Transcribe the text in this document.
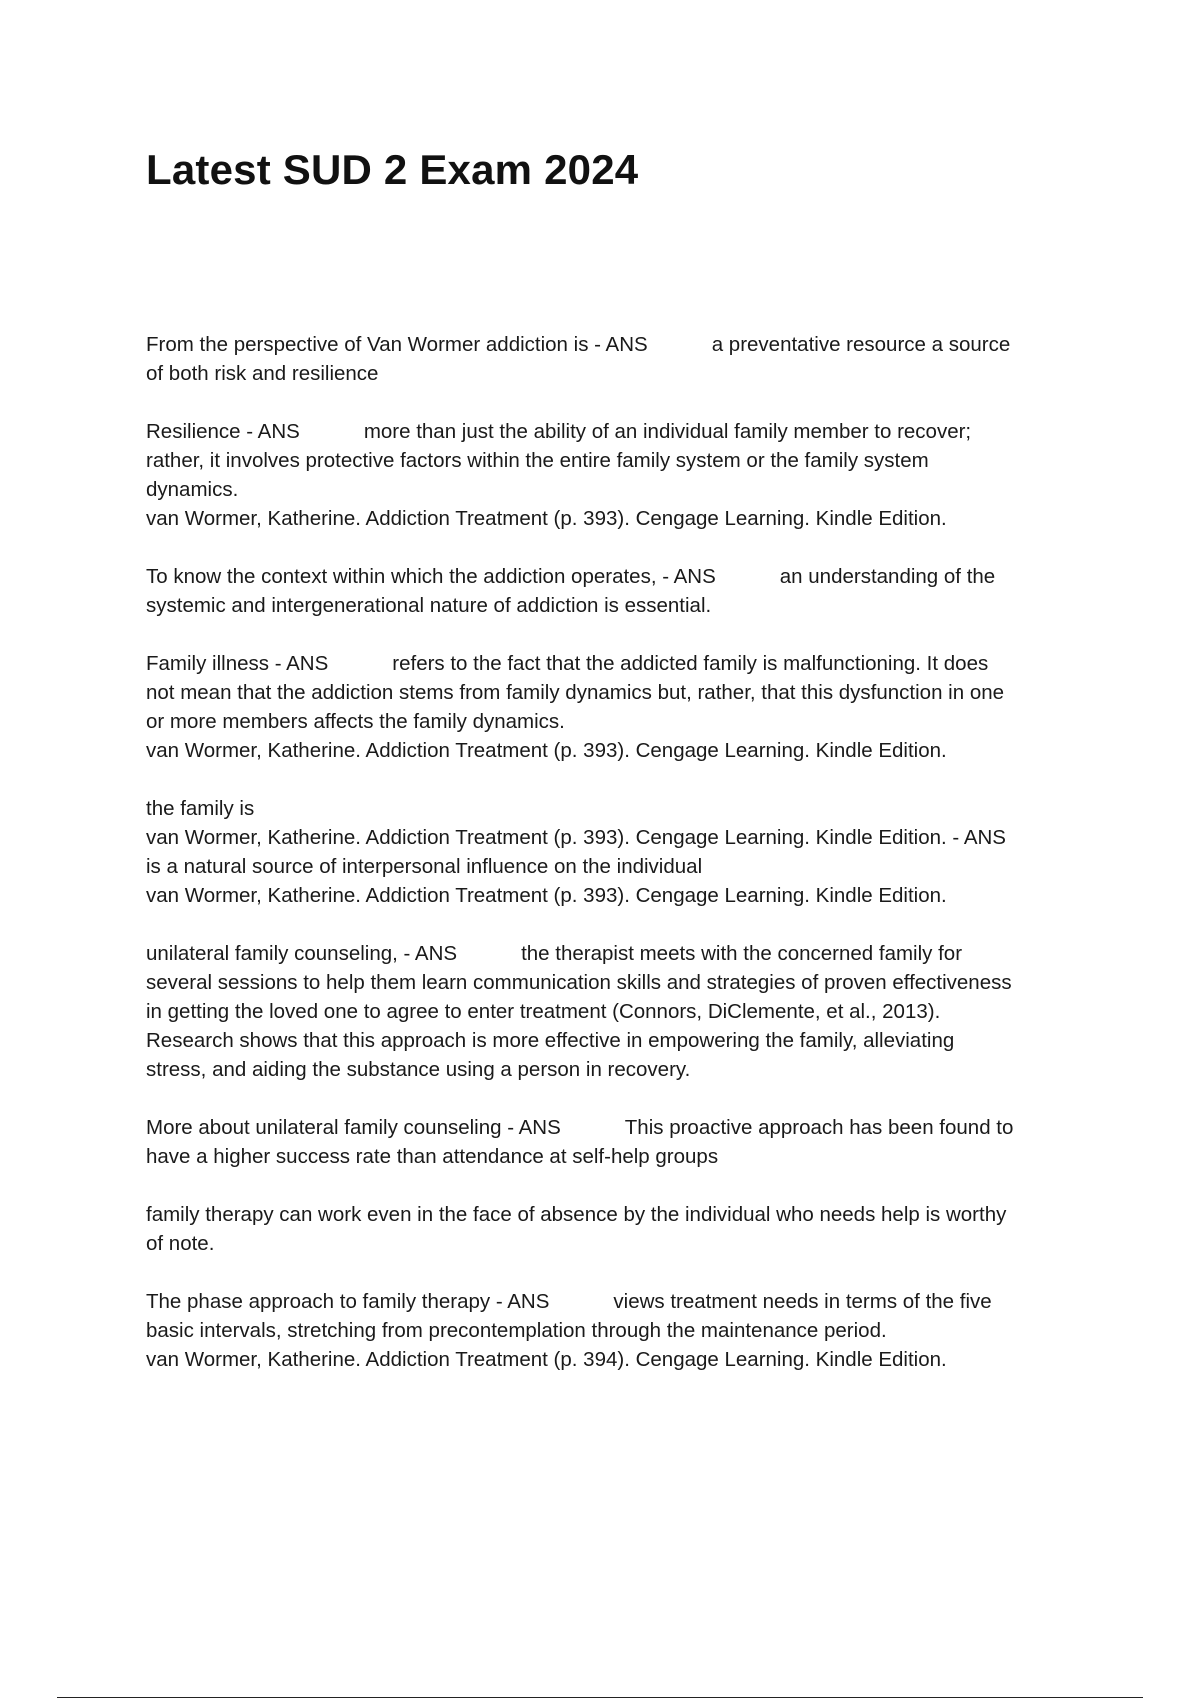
Latest SUD 2 Exam 2024
From the perspective of Van Wormer addiction is - ANS	a preventative resource a source
of both risk and resilience
Resilience - ANS	more than just the ability of an individual family member to recover;
rather, it involves protective factors within the entire family system or the family system
dynamics.
van Wormer, Katherine. Addiction Treatment (p. 393). Cengage Learning. Kindle Edition.
To know the context within which the addiction operates, - ANS	an understanding of the
systemic and intergenerational nature of addiction is essential.
Family illness - ANS	refers to the fact that the addicted family is malfunctioning. It does
not mean that the addiction stems from family dynamics but, rather, that this dysfunction in one
or more members affects the family dynamics.
van Wormer, Katherine. Addiction Treatment (p. 393). Cengage Learning. Kindle Edition.
the family is
van Wormer, Katherine. Addiction Treatment (p. 393). Cengage Learning. Kindle Edition. - ANS
is a natural source of interpersonal influence on the individual
van Wormer, Katherine. Addiction Treatment (p. 393). Cengage Learning. Kindle Edition.
unilateral family counseling, - ANS	the therapist meets with the concerned family for
several sessions to help them learn communication skills and strategies of proven effectiveness
in getting the loved one to agree to enter treatment (Connors, DiClemente, et al., 2013).
Research shows that this approach is more effective in empowering the family, alleviating
stress, and aiding the substance using a person in recovery.
More about unilateral family counseling - ANS	This proactive approach has been found to
have a higher success rate than attendance at self-help groups
family therapy can work even in the face of absence by the individual who needs help is worthy
of note.
The phase approach to family therapy - ANS	views treatment needs in terms of the five
basic intervals, stretching from precontemplation through the maintenance period.
van Wormer, Katherine. Addiction Treatment (p. 394). Cengage Learning. Kindle Edition.
